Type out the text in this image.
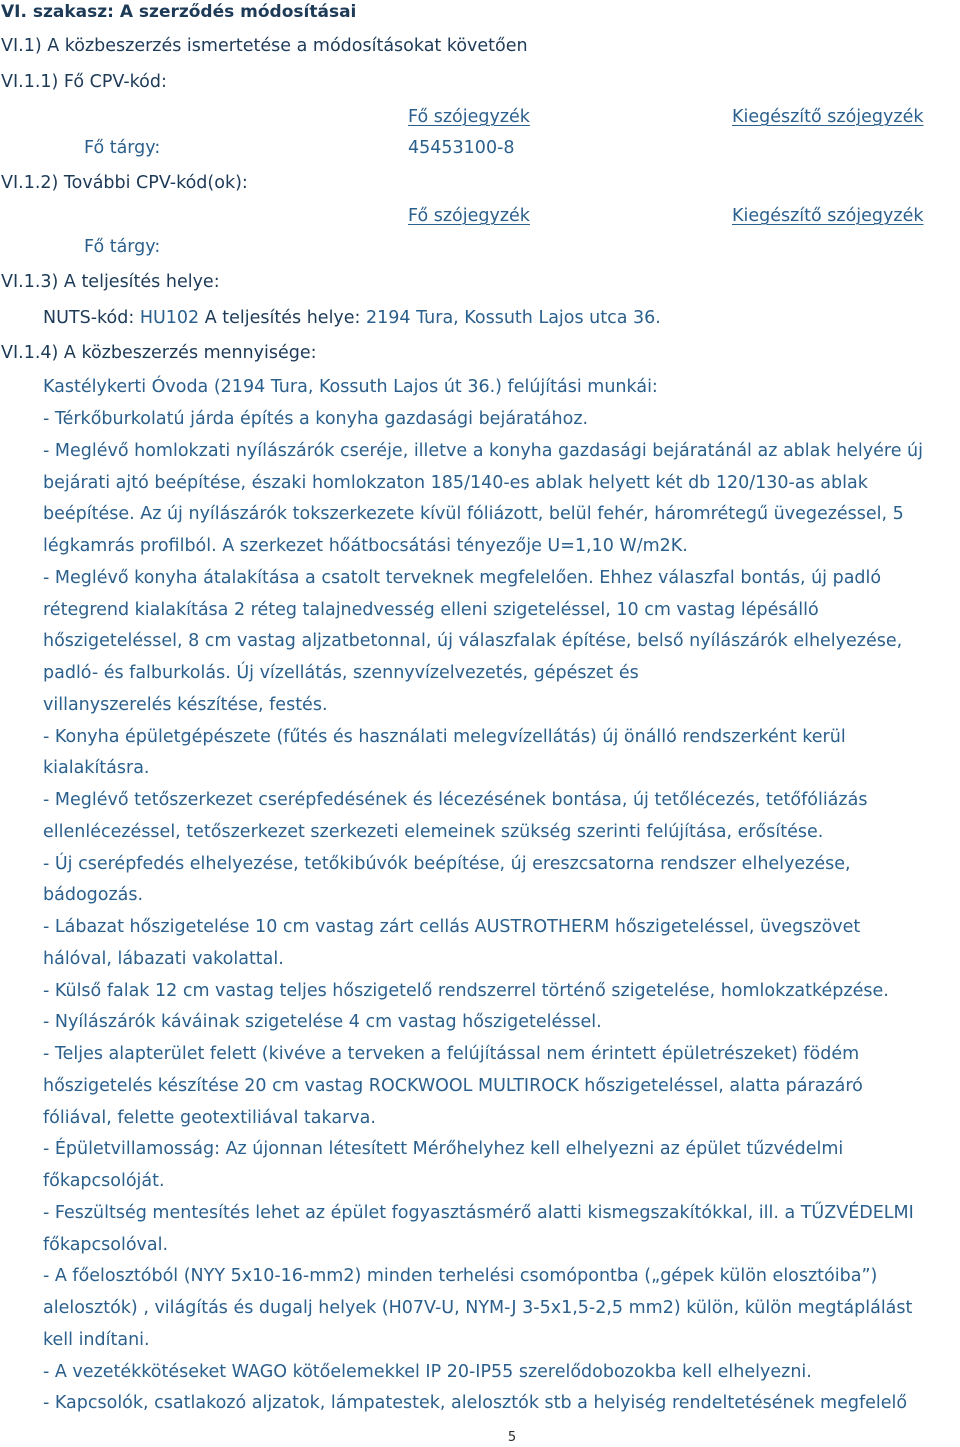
VI. szakasz: A szerződés módosításai
VI.1) A közbeszerzés ismertetése a módosításokat követően
VI.1.1) Fő CPV-kód:
Fő szójegyzék	Kiegészítő szójegyzék
Fő tárgy:	45453100-8
VI.1.2) További CPV-kód(ok):
Fő szójegyzék	Kiegészítő szójegyzék
Fő tárgy:
VI.1.3) A teljesítés helye:
NUTS-kód: HU102 A teljesítés helye: 2194 Tura, Kossuth Lajos utca 36.
VI.1.4) A közbeszerzés mennyisége:
Kastélykerti Óvoda (2194 Tura, Kossuth Lajos út 36.) felújítási munkái:
- Térkőburkolatú járda építés a konyha gazdasági bejáratához.
- Meglévő homlokzati nyílászárók cseréje, illetve a konyha gazdasági bejáratánál az ablak helyére új
bejárati ajtó beépítése, északi homlokzaton 185/140-es ablak helyett két db 120/130-as ablak
beépítése. Az új nyílászárók tokszerkezete kívül fóliázott, belül fehér, háromrétegű üvegezéssel, 5
légkamrás profilból. A szerkezet hőátbocsátási tényezője U=1,10 W/m2K.
- Meglévő konyha átalakítása a csatolt terveknek megfelelően. Ehhez válaszfal bontás, új padló
rétegrend kialakítása 2 réteg talajnedvesség elleni szigeteléssel, 10 cm vastag lépésálló
hőszigeteléssel, 8 cm vastag aljzatbetonnal, új válaszfalak építése, belső nyílászárók elhelyezése,
padló- és falburkolás. Új vízellátás, szennyvízelvezetés, gépészet és
villanyszerelés készítése, festés.
- Konyha épületgépészete (fűtés és használati melegvízellátás) új önálló rendszerként kerül
kialakításra.
- Meglévő tetőszerkezet cserépfedésének és lécezésének bontása, új tetőlécezés, tetőfóliázás
ellenlécezéssel, tetőszerkezet szerkezeti elemeinek szükség szerinti felújítása, erősítése.
- Új cserépfedés elhelyezése, tetőkibúvók beépítése, új ereszcsatorna rendszer elhelyezése,
bádogozás.
- Lábazat hőszigetelése 10 cm vastag zárt cellás AUSTROTHERM hőszigeteléssel, üvegszövet
hálóval, lábazati vakolattal.
- Külső falak 12 cm vastag teljes hőszigetelő rendszerrel történő szigetelése, homlokzatképzése.
- Nyílászárók káváinak szigetelése 4 cm vastag hőszigeteléssel.
- Teljes alapterület felett (kivéve a terveken a felújítással nem érintett épületrészeket) födém
hőszigetelés készítése 20 cm vastag ROCKWOOL MULTIROCK hőszigeteléssel, alatta párazáró
fóliával, felette geotextiliával takarva.
- Épületvillamosság: Az újonnan létesített Mérőhelyhez kell elhelyezni az épület tűzvédelmi
főkapcsolóját.
- Feszültség mentesítés lehet az épület fogyasztásmérő alatti kismegszakítókkal, ill. a TŰZVÉDELMI
főkapcsolóval.
- A főelosztóból (NYY 5x10-16-mm2) minden terhelési csomópontba („gépek külön elosztóiba”)
alelosztók) , világítás és dugalj helyek (H07V-U, NYM-J 3-5x1,5-2,5 mm2) külön, külön megtáplálást
kell indítani.
- A vezetékkötéseket WAGO kötőelemekkel IP 20-IP55 szerelődobozokba kell elhelyezni.
- Kapcsolók, csatlakozó aljzatok, lámpatestek, alelosztók stb a helyiség rendeltetésének megfelelő
5
